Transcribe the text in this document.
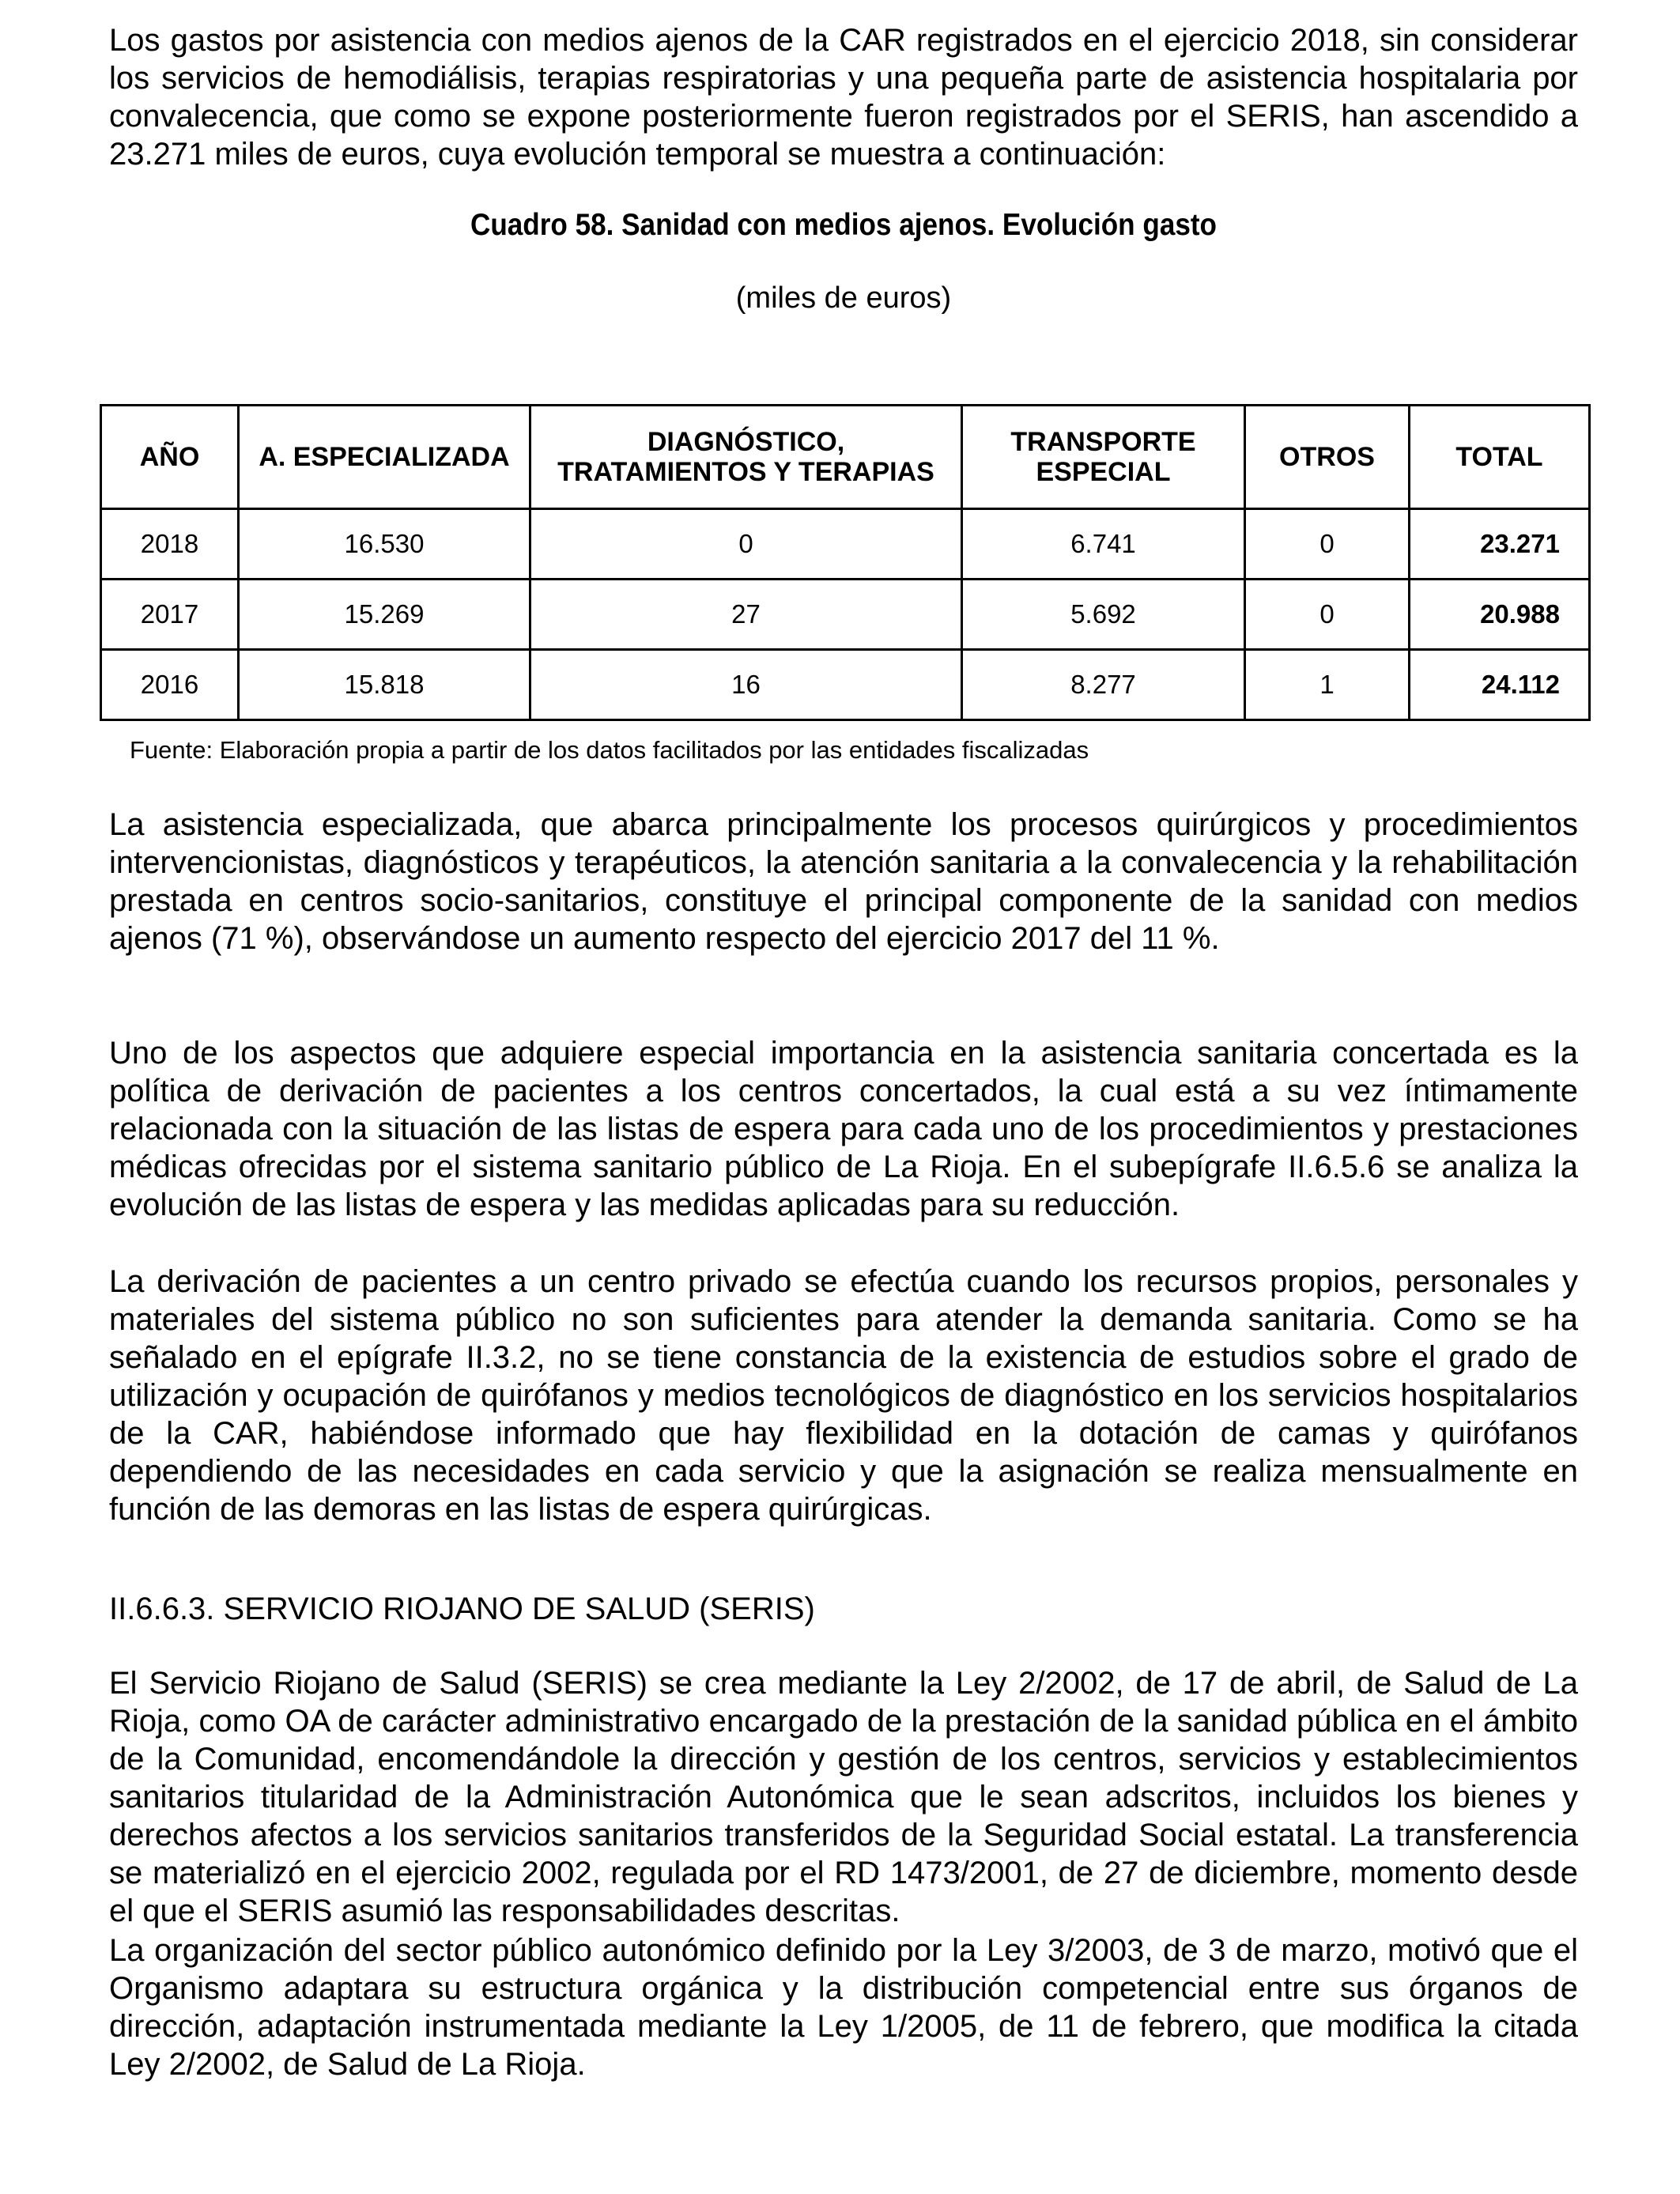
Los gastos por asistencia con medios ajenos de la CAR registrados en el ejercicio 2018, sin considerar los servicios de hemodiálisis, terapias respiratorias y una pequeña parte de asistencia hospitalaria por convalecencia, que como se expone posteriormente fueron registrados por el SERIS, han ascendido a 23.271 miles de euros, cuya evolución temporal se muestra a continuación:

Cuadro 58. Sanidad con medios ajenos. Evolución gasto
(miles de euros)
AÑO	A. ESPECIALIZADA	DIAGNÓSTICO, TRATAMIENTOS Y TERAPIAS	TRANSPORTE ESPECIAL	OTROS	TOTAL
2018	16.530	0	6.741	0	23.271
2017	15.269	27	5.692	0	20.988
2016	15.818	16	8.277	1	24.112
Fuente: Elaboración propia a partir de los datos facilitados por las entidades fiscalizadas

La asistencia especializada, que abarca principalmente los procesos quirúrgicos y procedimientos intervencionistas, diagnósticos y terapéuticos, la atención sanitaria a la convalecencia y la rehabilitación prestada en centros socio-sanitarios, constituye el principal componente de la sanidad con medios ajenos (71 %), observándose un aumento respecto del ejercicio 2017 del 11 %.

Uno de los aspectos que adquiere especial importancia en la asistencia sanitaria concertada es la política de derivación de pacientes a los centros concertados, la cual está a su vez íntimamente relacionada con la situación de las listas de espera para cada uno de los procedimientos y prestaciones médicas ofrecidas por el sistema sanitario público de La Rioja. En el subepígrafe II.6.5.6 se analiza la evolución de las listas de espera y las medidas aplicadas para su reducción.

La derivación de pacientes a un centro privado se efectúa cuando los recursos propios, personales y materiales del sistema público no son suficientes para atender la demanda sanitaria. Como se ha señalado en el epígrafe II.3.2, no se tiene constancia de la existencia de estudios sobre el grado de utilización y ocupación de quirófanos y medios tecnológicos de diagnóstico en los servicios hospitalarios de la CAR, habiéndose informado que hay flexibilidad en la dotación de camas y quirófanos dependiendo de las necesidades en cada servicio y que la asignación se realiza mensualmente en función de las demoras en las listas de espera quirúrgicas.

II.6.6.3. SERVICIO RIOJANO DE SALUD (SERIS)

El Servicio Riojano de Salud (SERIS) se crea mediante la Ley 2/2002, de 17 de abril, de Salud de La Rioja, como OA de carácter administrativo encargado de la prestación de la sanidad pública en el ámbito de la Comunidad, encomendándole la dirección y gestión de los centros, servicios y establecimientos sanitarios titularidad de la Administración Autonómica que le sean adscritos, incluidos los bienes y derechos afectos a los servicios sanitarios transferidos de la Seguridad Social estatal. La transferencia se materializó en el ejercicio 2002, regulada por el RD 1473/2001, de 27 de diciembre, momento desde el que el SERIS asumió las responsabilidades descritas.

La organización del sector público autonómico definido por la Ley 3/2003, de 3 de marzo, motivó que el Organismo adaptara su estructura orgánica y la distribución competencial entre sus órganos de dirección, adaptación instrumentada mediante la Ley 1/2005, de 11 de febrero, que modifica la citada Ley 2/2002, de Salud de La Rioja.
